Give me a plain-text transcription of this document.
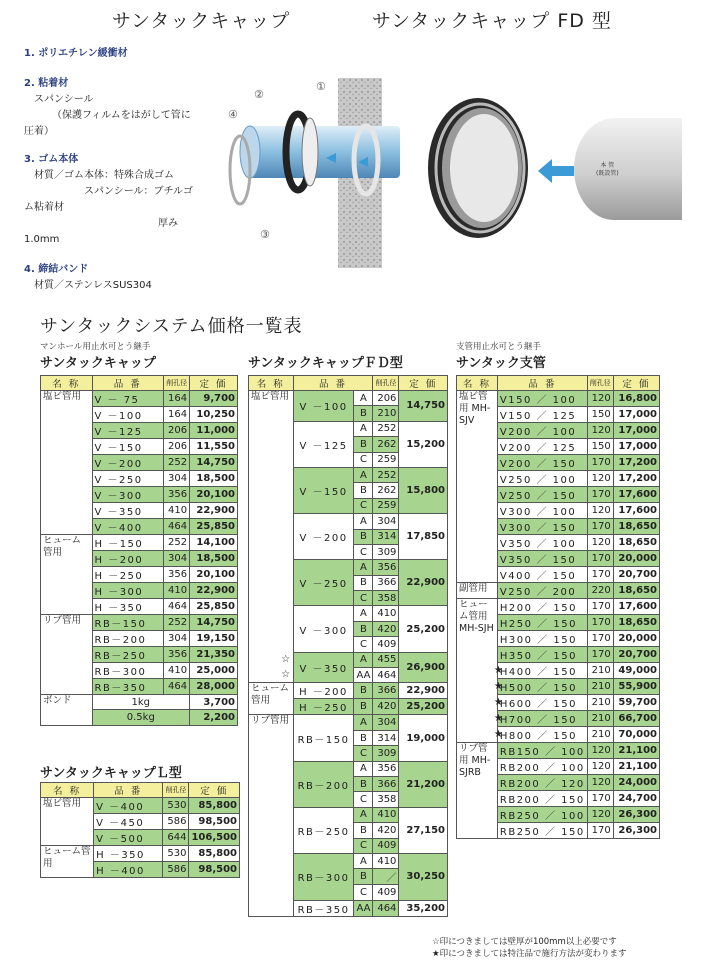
サンタックキャップ	サンタックキャップ FD 型
1. ポリエチレン緩衝材
2. 粘着材
スパンシール
（保護フィルムをはがして管に
圧着）
3. ゴム本体
材質／ゴム本体：特殊合成ゴム
スパンシール：ブチルゴ
ム粘着材
厚み
1.0mm
4. 締結バンド
材質／ステンレスSUS304
①
②
③
④
本 管
(既設管)
サンタックシステム価格一覧表
マンホール用止水可とう継手
サンタックキャップ	サンタックキャップＦＤ型
支管用止水可とう継手
サンタック支管
サンタックキャップＬ型
名 称	品 番	削孔径	定 価
塩ビ管用	V － 75	164	9,700
	V －100	164	10,250
	V －125	206	11,000
	V －150	206	11,550
	V －200	252	14,750
	V －250	304	18,500
	V －300	356	20,100
	V －350	410	22,900
	V －400	464	25,850
ヒューム管用	H －150	252	14,100
	H －200	304	18,500
	H －250	356	20,100
	H －300	410	22,900
	H －350	464	25,850
リブ管用	RB－150	252	14,750
	RB－200	304	19,150
	RB－250	356	21,350
	RB－300	410	25,000
	RB－350	464	28,000
ボンド	1kg		3,700
	0.5kg		2,200
名 称	品 番		削孔径	定 価
塩ビ管用	V －100	A	206	14,750
		B	210	
	V －125	A	252	15,200
		B	262	
		C	259	
	V －150	A	252	15,800
		B	262	
		C	259	
	V －200	A	304	17,850
		B	314	
		C	309	
	V －250	A	356	22,900
		B	366	
		C	358	
	V －300	A	410	25,200
		B	420	
		C	409	
	V －350	A	455	26,900
		AA	464	
ヒューム管用	H －200	B	366	22,900
	H －250	B	420	25,200
リブ管用	RB－150	A	304	19,000
		B	314	
		C	309	
	RB－200	A	356	21,200
		B	366	
		C	358	
	RB－250	A	410	27,150
		B	420	
		C	409	
	RB－300	A	410	30,250
		B	／	
		C	409	
	RB－350	AA	464	35,200
名 称	品 番	削孔径	定 価
塩ビ管用 MH-SJV	V150 ／ 100	120	16,800
	V150 ／ 125	150	17,000
	V200 ／ 100	120	17,000
	V200 ／ 125	150	17,000
	V200 ／ 150	170	17,200
	V250 ／ 100	120	17,200
	V250 ／ 150	170	17,600
	V300 ／ 100	120	17,600
	V300 ／ 150	170	18,650
	V350 ／ 100	120	18,650
	V350 ／ 150	170	20,000
	V400 ／ 150	170	20,700
副管用	V250 ／ 200	220	18,650
ヒューム管用 MH-SJH	H200 ／ 150	170	17,600
	H250 ／ 150	170	18,650
	H300 ／ 150	170	20,000
	H350 ／ 150	170	20,700
	H400 ／ 150	210	49,000
	H500 ／ 150	210	55,900
	H600 ／ 150	210	59,700
	H700 ／ 150	210	66,700
	H800 ／ 150	210	70,000
リブ管用 MH-SJRB	RB150 ／ 100	120	21,100
	RB200 ／ 100	120	21,100
	RB200 ／ 120	120	24,000
	RB200 ／ 150	170	24,700
	RB250 ／ 100	120	26,300
	RB250 ／ 150	170	26,300
名 称	品 番	削孔径	定 価
塩ビ管用	V －400	530	85,800
	V －450	586	98,500
	V －500	644	106,500
ヒューム管用	H －350	530	85,800
	H －400	586	98,500
☆印につきましては壁厚が100mm以上必要です
★印につきましては特注品で施行方法が変わります
★
★
★
★
★
☆
☆
